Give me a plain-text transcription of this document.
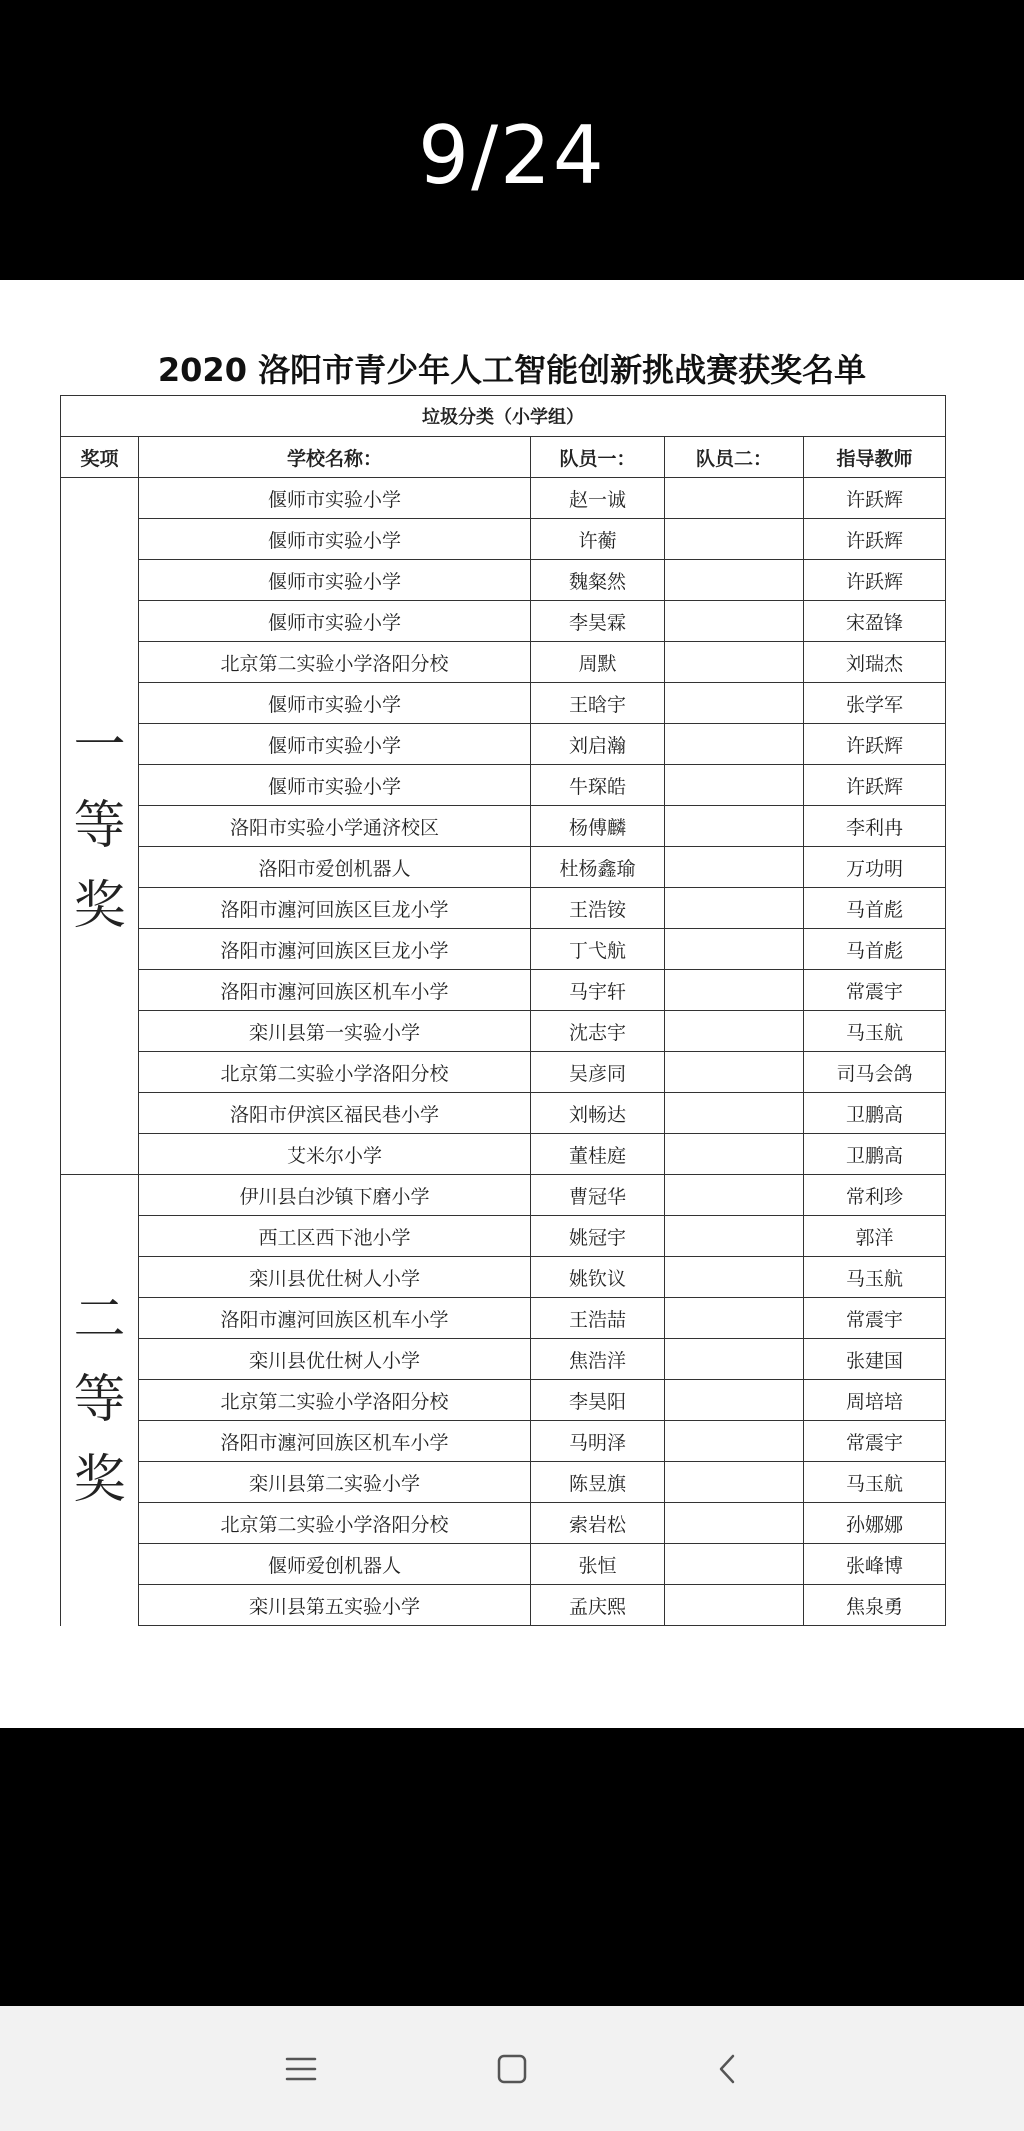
9/24
2020 洛阳市青少年人工智能创新挑战赛获奖名单
垃圾分类（小学组）				
奖项	学校名称：	队员一：	队员二：	指导教师

一
等
奖	偃师市实验小学	赵一诚		许跃辉
	偃师市实验小学	许蘅		许跃辉
	偃师市实验小学	魏粲然		许跃辉
	偃师市实验小学	李昊霖		宋盈锋
	北京第二实验小学洛阳分校	周默		刘瑞杰
	偃师市实验小学	王晗宇		张学军
	偃师市实验小学	刘启瀚		许跃辉
	偃师市实验小学	牛琛皓		许跃辉
	洛阳市实验小学通济校区	杨傅麟		李利冉
	洛阳市爱创机器人	杜杨鑫瑜		万功明
	洛阳市瀍河回族区巨龙小学	王浩铵		马首彪
	洛阳市瀍河回族区巨龙小学	丁弋航		马首彪
	洛阳市瀍河回族区机车小学	马宇轩		常震宇
	栾川县第一实验小学	沈志宇		马玉航
	北京第二实验小学洛阳分校	吴彦同		司马会鸽
	洛阳市伊滨区福民巷小学	刘畅达		卫鹏高
	艾米尔小学	董桂庭		卫鹏高

二
等
奖	伊川县白沙镇下磨小学	曹冠华		常利珍
	西工区西下池小学	姚冠宇		郭洋
	栾川县优仕树人小学	姚钦议		马玉航
	洛阳市瀍河回族区机车小学	王浩喆		常震宇
	栾川县优仕树人小学	焦浩洋		张建国
	北京第二实验小学洛阳分校	李昊阳		周培培
	洛阳市瀍河回族区机车小学	马明泽		常震宇
	栾川县第二实验小学	陈昱旗		马玉航
	北京第二实验小学洛阳分校	索岩松		孙娜娜
	偃师爱创机器人	张恒		张峰博
	栾川县第五实验小学	孟庆熙		焦泉勇
